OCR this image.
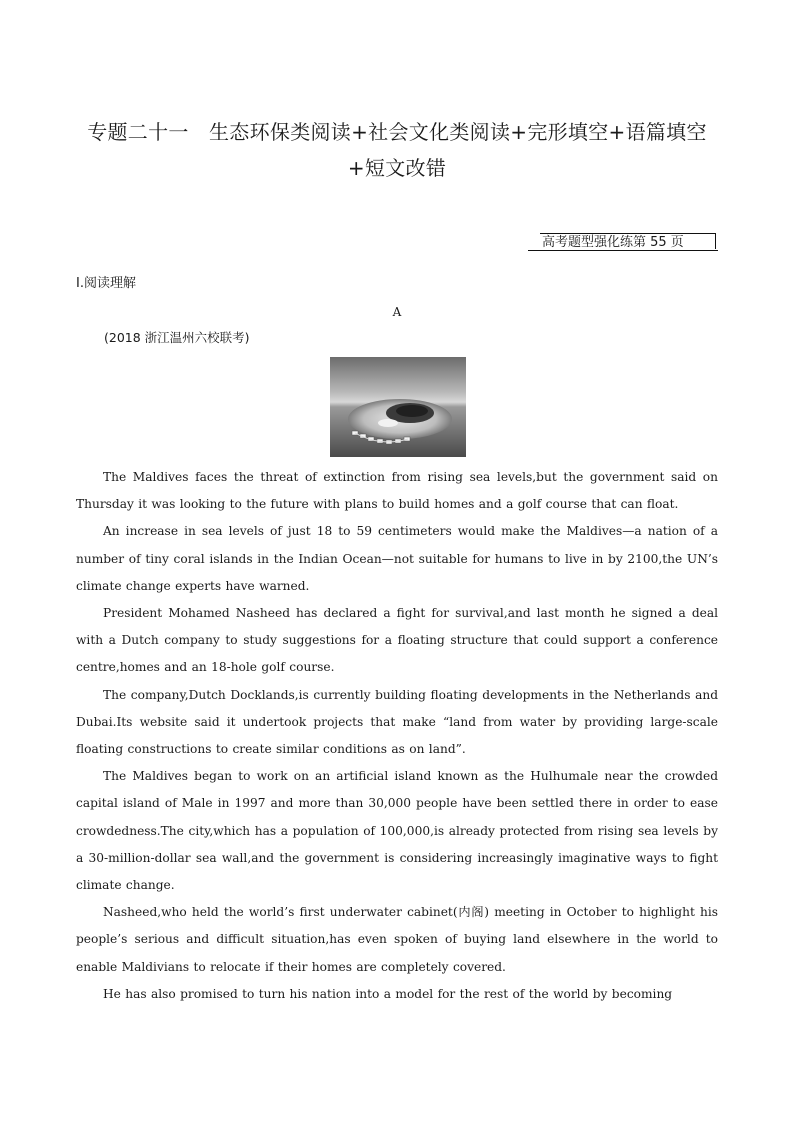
专题二十一　生态环保类阅读+社会文化类阅读+完形填空+语篇填空+短文改错
高考题型强化练第 55 页
Ⅰ.阅读理解
A
(2018 浙江温州六校联考)

The Maldives faces the threat of extinction from rising sea levels,but the government said on Thursday it was looking to the future with plans to build homes and a golf course that can float.

An increase in sea levels of just 18 to 59 centimeters would make the Maldives—a nation of a number of tiny coral islands in the Indian Ocean—not suitable for humans to live in by 2100,the UN’s climate change experts have warned.

President Mohamed Nasheed has declared a fight for survival,and last month he signed a deal with a Dutch company to study suggestions for a floating structure that could support a conference centre,homes and an 18-hole golf course.

The company,Dutch Docklands,is currently building floating developments in the Netherlands and Dubai.Its website said it undertook projects that make “land from water by providing large-scale floating constructions to create similar conditions as on land”.

The Maldives began to work on an artificial island known as the Hulhumale near the crowded capital island of Male in 1997 and more than 30,000 people have been settled there in order to ease crowdedness.The city,which has a population of 100,000,is already protected from rising sea levels by a 30-million-dollar sea wall,and the government is considering increasingly imaginative ways to fight climate change.

Nasheed,who held the world’s first underwater cabinet(内阁) meeting in October to highlight his people’s serious and difficult situation,has even spoken of buying land elsewhere in the world to enable Maldivians to relocate if their homes are completely covered.

He has also promised to turn his nation into a model for the rest of the world by becoming
